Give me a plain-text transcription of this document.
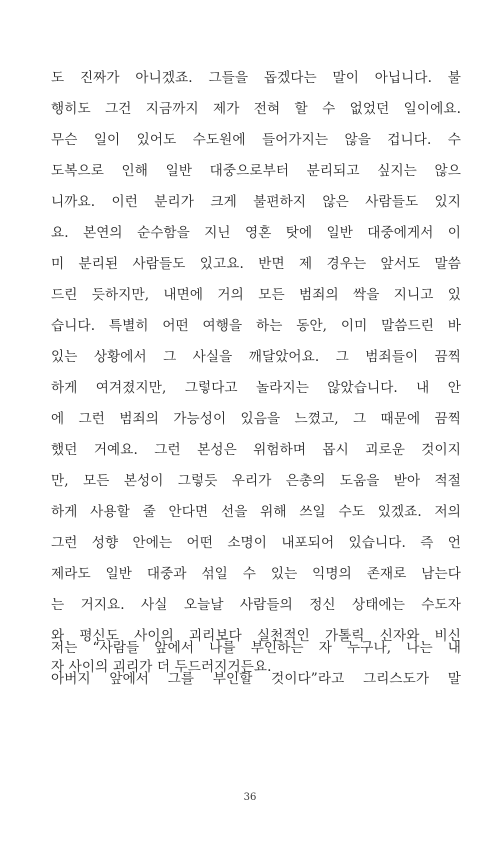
도 진짜가 아니겠죠. 그들을 돕겠다는 말이 아닙니다. 불
행히도 그건 지금까지 제가 전혀 할 수 없었던 일이에요.
무슨 일이 있어도 수도원에 들어가지는 않을 겁니다. 수
도복으로 인해 일반 대중으로부터 분리되고 싶지는 않으
니까요. 이런 분리가 크게 불편하지 않은 사람들도 있지
요. 본연의 순수함을 지닌 영혼 탓에 일반 대중에게서 이
미 분리된 사람들도 있고요. 반면 제 경우는 앞서도 말씀
드린 듯하지만, 내면에 거의 모든 범죄의 싹을 지니고 있
습니다. 특별히 어떤 여행을 하는 동안, 이미 말씀드린 바
있는 상황에서 그 사실을 깨달았어요. 그 범죄들이 끔찍
하게 여겨졌지만, 그렇다고 놀라지는 않았습니다. 내 안
에 그런 범죄의 가능성이 있음을 느꼈고, 그 때문에 끔찍
했던 거예요. 그런 본성은 위험하며 몹시 괴로운 것이지
만, 모든 본성이 그렇듯 우리가 은총의 도움을 받아 적절
하게 사용할 줄 안다면 선을 위해 쓰일 수도 있겠죠. 저의
그런 성향 안에는 어떤 소명이 내포되어 있습니다. 즉 언
제라도 일반 대중과 섞일 수 있는 익명의 존재로 남는다
는 거지요. 사실 오늘날 사람들의 정신 상태에는 수도자
와 평신도 사이의 괴리보다 실천적인 가톨릭 신자와 비신
자 사이의 괴리가 더 두드러지거든요.
저는 “사람들 앞에서 나를 부인하는 자 누구나, 나는 내
아버지 앞에서 그를 부인할 것이다”라고 그리스도가 말
36
